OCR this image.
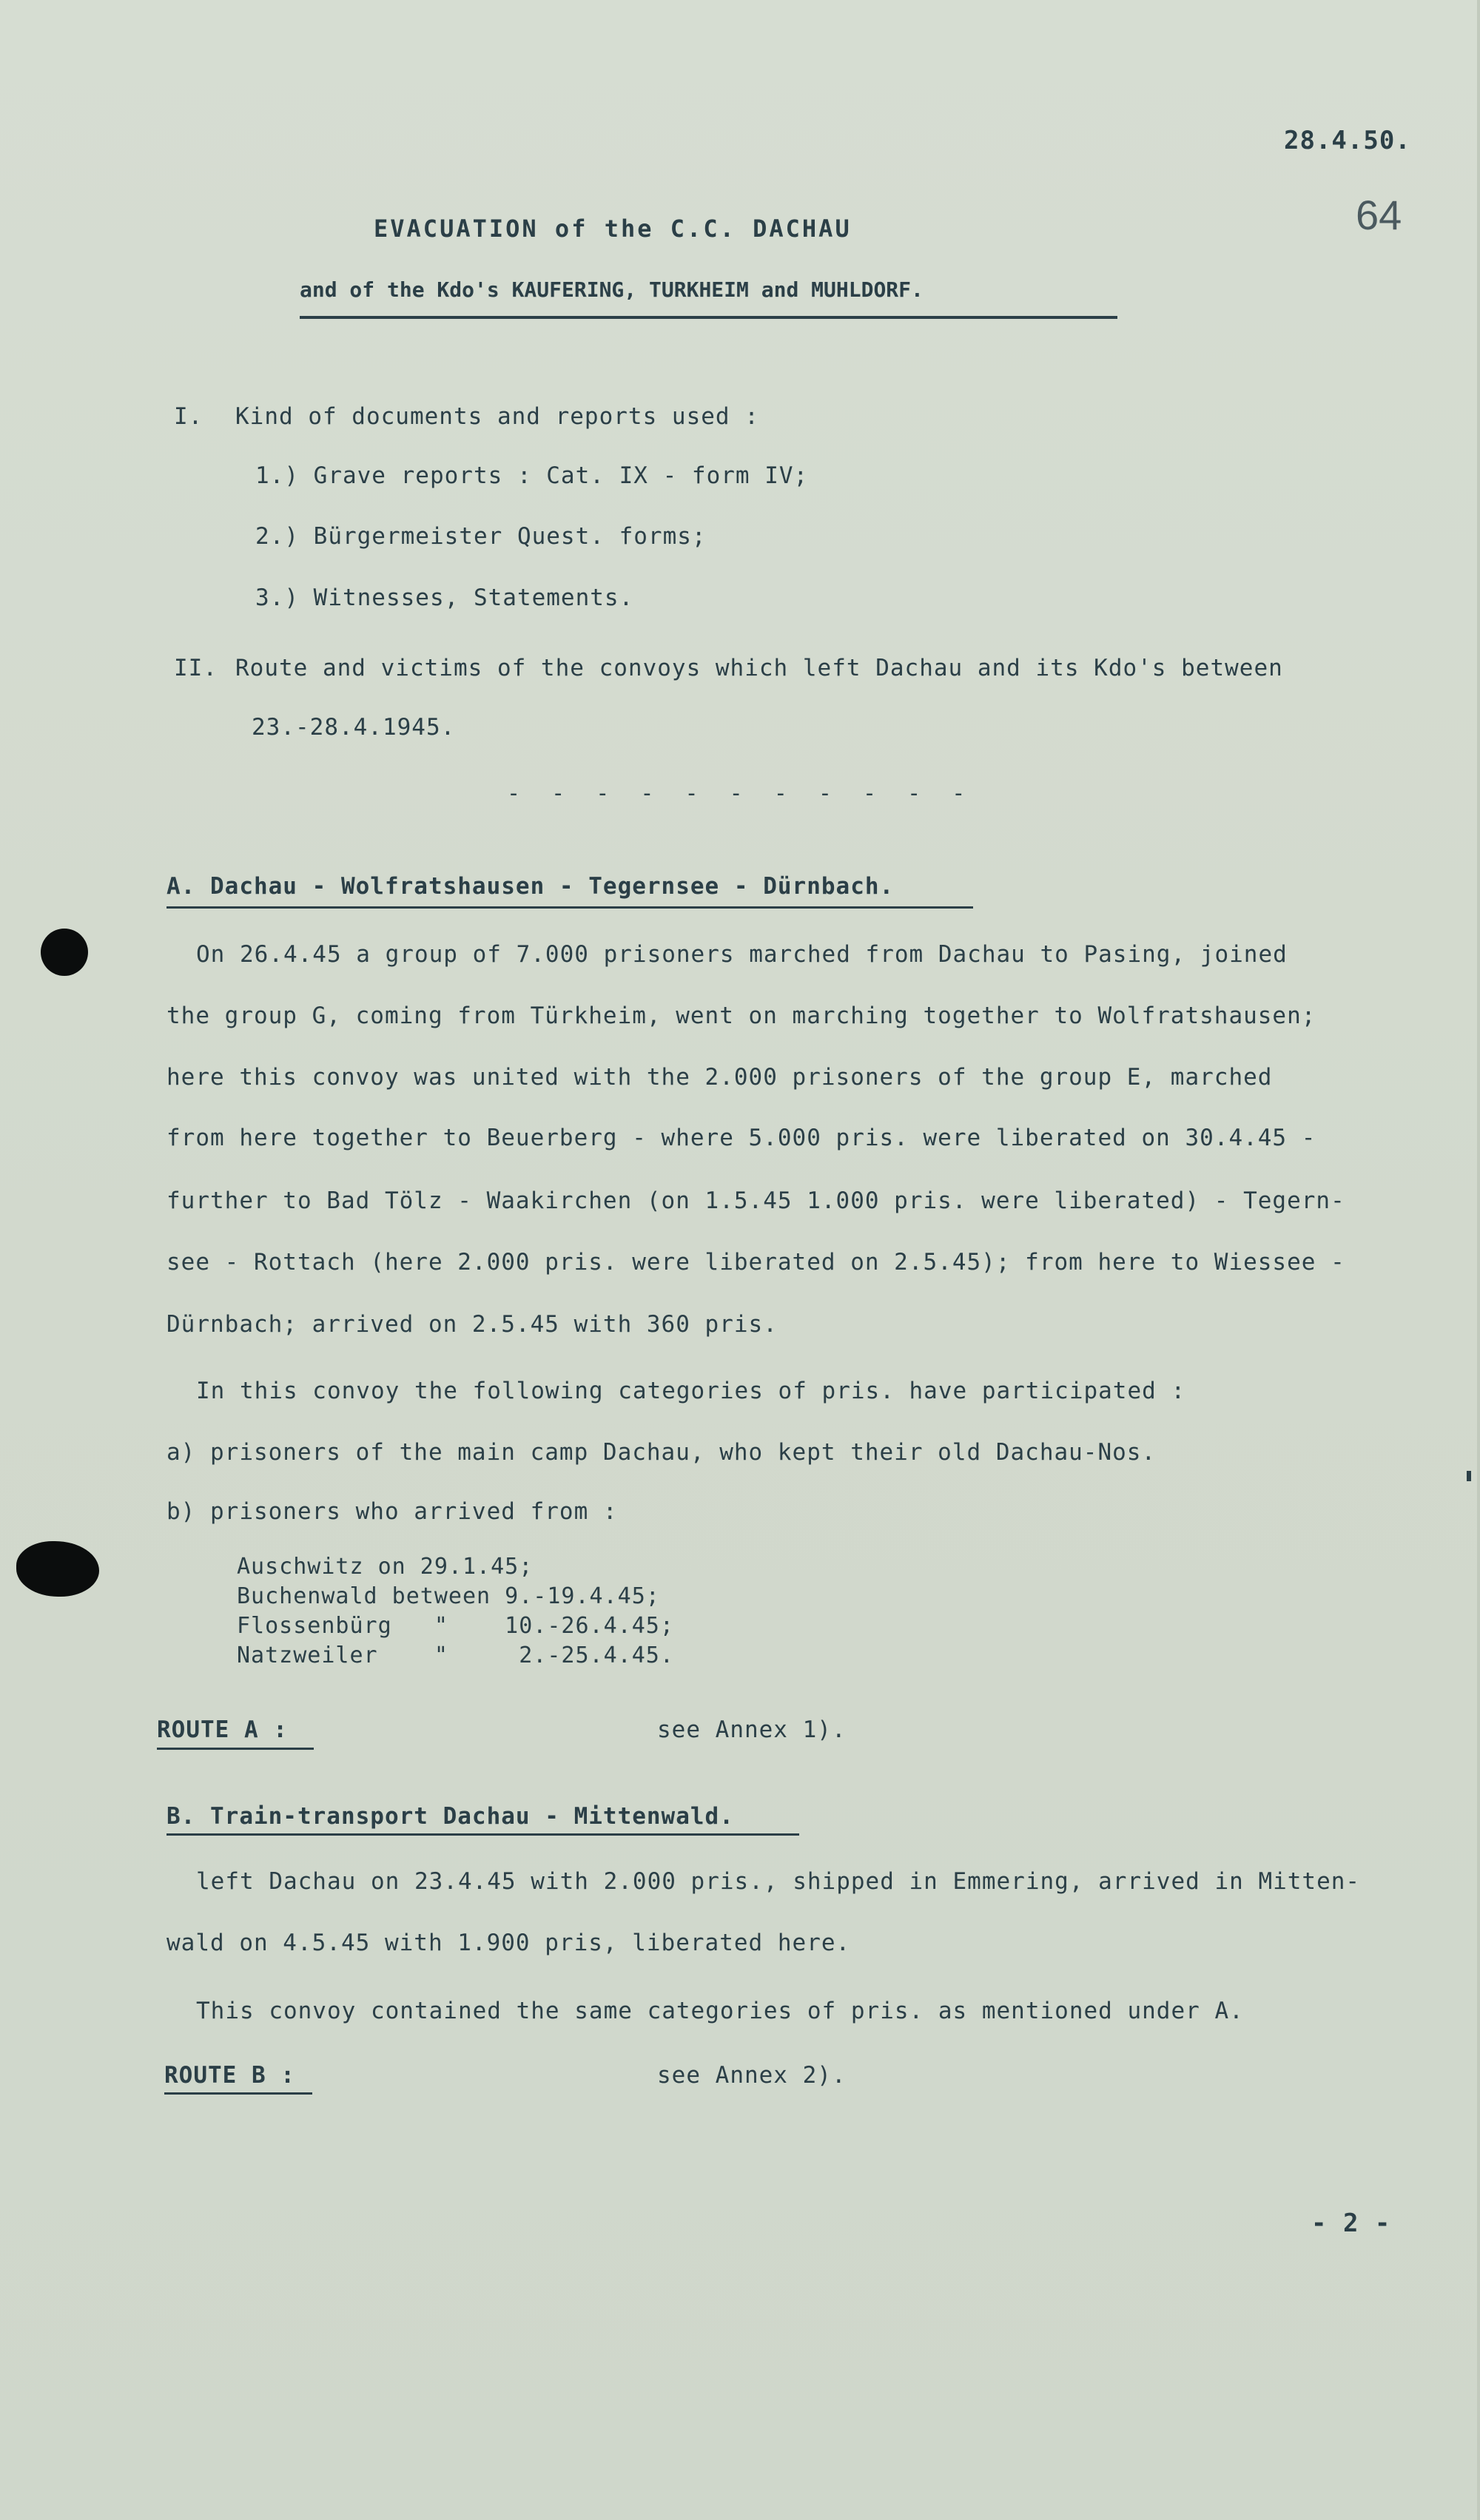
28.4.50.
64
EVACUATION of the C.C. DACHAU
and of the Kdo's KAUFERING, TURKHEIM and MUHLDORF.
I. Kind of documents and reports used :
1.) Grave reports : Cat. IX - form IV;
2.) Bürgermeister Quest. forms;
3.) Witnesses, Statements.
II. Route and victims of the convoys which left Dachau and its Kdo's between
23.-28.4.1945.
- - - - - - - - - - -
A. Dachau - Wolfratshausen - Tegernsee - Dürnbach.
On 26.4.45 a group of 7.000 prisoners marched from Dachau to Pasing, joined
the group G, coming from Türkheim, went on marching together to Wolfratshausen;
here this convoy was united with the 2.000 prisoners of the group E, marched
from here together to Beuerberg - where 5.000 pris. were liberated on 30.4.45 -
further to Bad Tölz - Waakirchen (on 1.5.45 1.000 pris. were liberated) - Tegern-
see - Rottach (here 2.000 pris. were liberated on 2.5.45); from here to Wiessee -
Dürnbach; arrived on 2.5.45 with 360 pris.
In this convoy the following categories of pris. have participated :
a) prisoners of the main camp Dachau, who kept their old Dachau-Nos.
b) prisoners who arrived from :
Auschwitz on 29.1.45;
Buchenwald between 9.-19.4.45;
Flossenbürg   "    10.-26.4.45;
Natzweiler    "     2.-25.4.45.
ROUTE A :	see Annex 1).
B. Train-transport Dachau - Mittenwald.
left Dachau on 23.4.45 with 2.000 pris., shipped in Emmering, arrived in Mitten-
wald on 4.5.45 with 1.900 pris, liberated here.
This convoy contained the same categories of pris. as mentioned under A.
ROUTE B :	see Annex 2).
- 2 -
